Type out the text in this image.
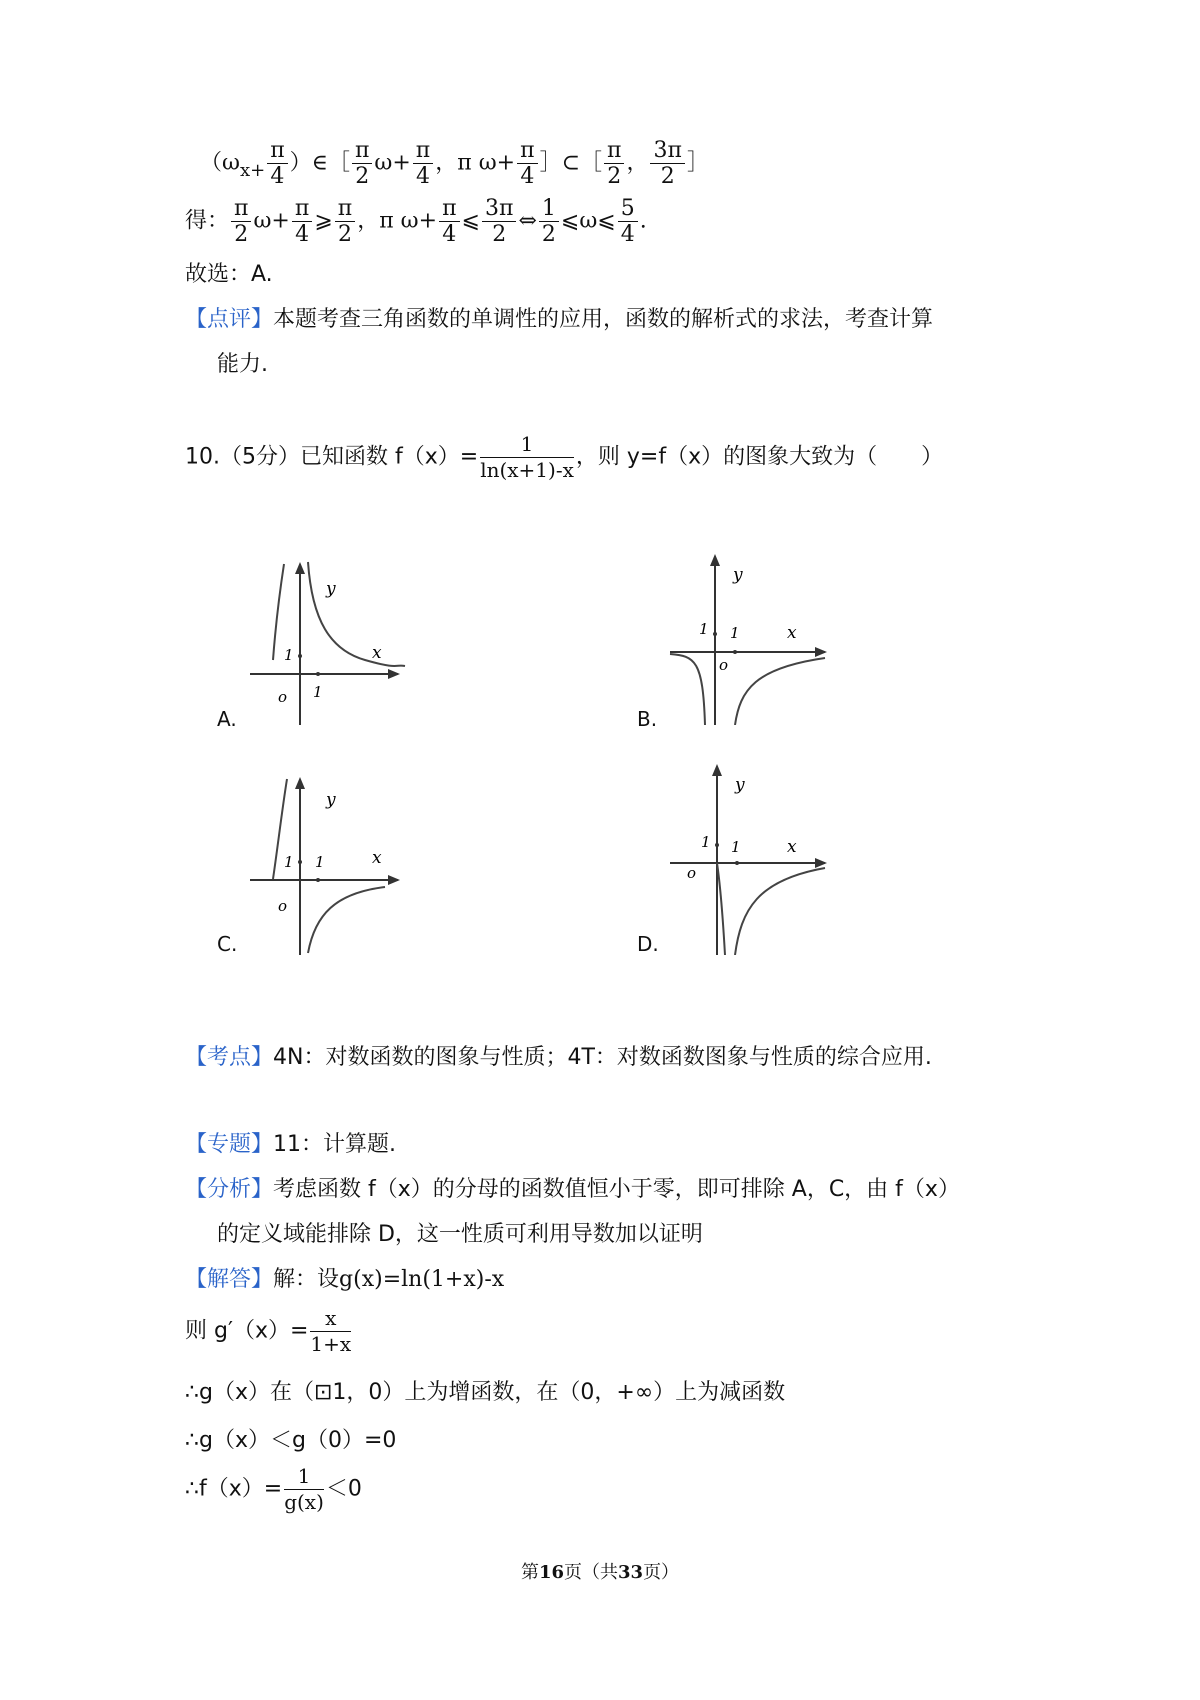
（$\omega_{x+} \frac{\pi}{4}$ ）∈［ $\frac{\pi}{2} \omega+ \frac{\pi}{4}$ ，π $\omega+ \frac{\pi}{4}$ ］⊂［ $\frac{\pi}{2}$ ， $\frac{3\pi}{2}$ ］
得： $\frac{\pi}{2} \omega+ \frac{\pi}{4}$ ⩾ $\frac{\pi}{2}$ ，π $\omega+ \frac{\pi}{4}$ ⩽ $\frac{3\pi}{2}$ ⇔ $\frac{1}{2}$ ⩽ω⩽ $\frac{5}{4}$ .
故选：A.
【点评】本题考查三角函数的单调性的应用，函数的解析式的求法，考查计算
能力.
10.（5分）已知函数 $f(x)= \frac{1}{\ln(x+1)-x}$ ，则 y=f（x）的图象大致为（　　）
A.
y
x
1
1
o
B.
y
x
1 1
o
C.
y
x
1 1
o
D.
y
x
1 1
o
【考点】4N：对数函数的图象与性质；4T：对数函数图象与性质的综合应用.
【专题】11：计算题.
【分析】考虑函数 f（x）的分母的函数值恒小于零，即可排除 A，C，由 f（x）
的定义域能排除 D，这一性质可利用导数加以证明
【解答】解：设g(x)=ln(1+x)-x
则 $g'(x)= \frac{x}{1+x}$
∴g（x）在（⊡1，0）上为增函数，在（0，+∞）上为减函数
∴g（x）＜g（0）=0
∴f（x）= $\frac{1}{g(x)} <0$
第16页（共33页）
